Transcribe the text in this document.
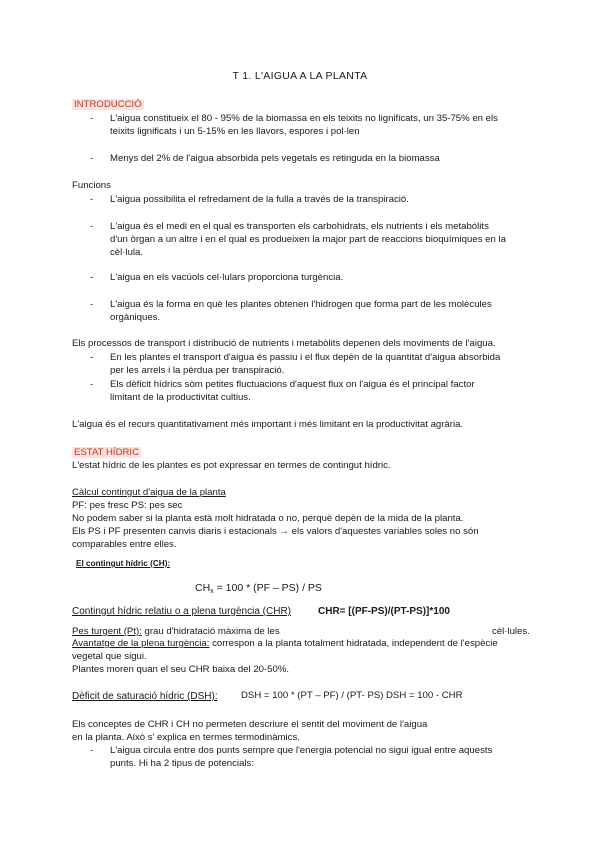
T 1. L'AIGUA A LA PLANTA
INTRODUCCIÓ
- L'aigua constitueix el 80 - 95% de la biomassa en els teixits no lignificats, un 35-75% en els
teixits lignificats i un 5-15% en les llavors, espores i pol·len
- Menys del 2% de l'aigua absorbida pels vegetals es retinguda en la biomassa
Funcions
- L'aigua possibilita el refredament de la fulla a través de la transpiració.
- L'aigua és el medi en el qual es transporten els carbohidrats, els nutrients i els metabòlits
d'un òrgan a un altre i en el qual es produeixen la major part de reaccions bioquímiques en la
cèl·lula.
- L'aigua en els vacúols cel·lulars proporciona turgència.
- L'aigua és la forma en què les plantes obtenen l'hidrogen que forma part de les molècules
orgàniques.
Els processos de transport i distribució de nutrients i metabòlits depenen dels moviments de l'aigua.
- En les plantes el transport d'aigua és passiu i el flux depèn de la quantitat d'aigua absorbida
per les arrels i la pèrdua per transpiració.
- Els dèficit hídrics sòm petites fluctuacions d'aquest flux on l'aigua és el principal factor
limitant de la productivitat cultius.
L'aigua és el recurs quantitativament més important i més limitant en la productivitat agrària.
ESTAT HÍDRIC
L'estat hídric de les plantes es pot expressar en termes de contingut hídric.
Càlcul contingut d'aigua de la planta
PF: pes fresc PS: pes sec
No podem saber si la planta està molt hidratada o no, perquè depèn de la mida de la planta.
Els PS i PF presenten canvis diaris i estacionals → els valors d'aquestes variables soles no són
comparables entre elles.
El contingut hídric (CH):
$CH_x = 100 * (PF - PS)$ / PS
Contingut hídric relatiu o a plena turgència (CHR)	CHR= [(PF-PS)/(PT-PS)]*100
Pes turgent (Pt): grau d'hidratació màxima de les	cèl·lules.
Avantatge de la plena turgència: correspon a la planta totalment hidratada, independent de l'espècie
vegetal que sigui.
Plantes moren quan el seu CHR baixa del 20-50%.
Dèficit de saturació hídric (DSH): DSH = 100 * (PT – PF) / (PT- PS) DSH = 100 - CHR
Els conceptes de CHR i CH no permeten descriure el sentit del moviment de l'aigua
en la planta. Això s' explica en termes termodinàmics.
- L'aigua circula entre dos punts sempre que l'energia potencial no sigui igual entre aquests
punts. Hi ha 2 tipus de potencials:
